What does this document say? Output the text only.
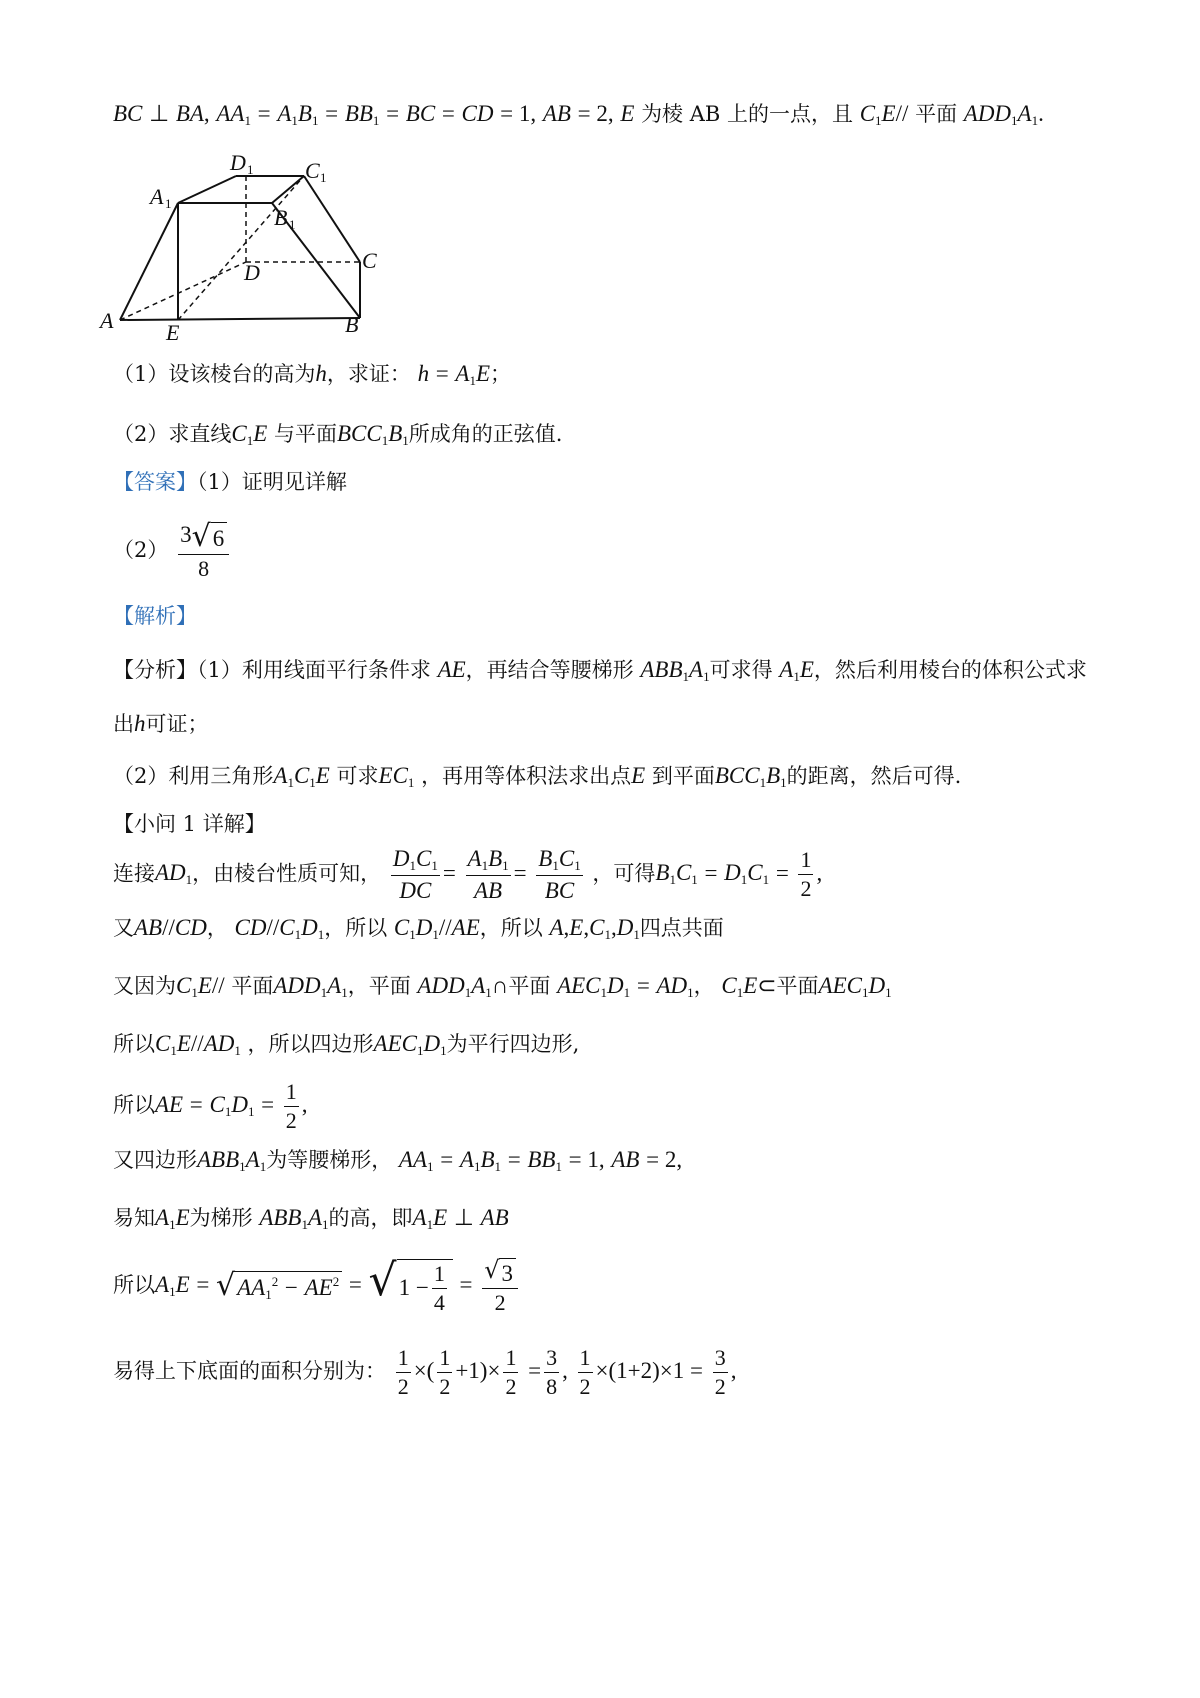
BC ⊥ BA, $AA_1 = A_1B_1 = BB_1$ = BC = CD = 1, AB = 2, E 为棱 AB 上的一点，且 $C_1E//$ 平面 $ADD_1A_1$.
A	B
C
D
E
A 1
B 1
C 1
D 1
（1）设该棱台的高为h，求证： $h = A_1E$；
（2）求直线$C_1E$ 与平面$BCC_1B_1$所成角的正弦值.
【答案】（1）证明见详解
$(2) \frac{3 √ 6}{8}$
【解析】
【分析】（1）利用线面平行条件求 AE，再结合等腰梯形 $ABB_1A_1$可求得 $A_1E$，然后利用棱台的体积公式求
出h可证；
（2）利用三角形$A_1C_1E$ 可求$EC_1$ ，再用等体积法求出点E 到平面$BCC_1B_1$的距离，然后可得.
【小问 1 详解】
连接$AD_1$，由棱台性质可知， $\frac{D_1C_1}{DC} = \frac{A_1B_1}{AB} = \frac{B_1C_1}{BC}$ ，可得$B_1C_1 = D_1C_1 = \frac{1}{2}$ ,
又AB//CD， $CD//C_1D_1$，所以 $C_1D_1//AE$，所以 $A,E,C_1,D_1$四点共面
又因为$C_1E//$ 平面$ADD_1A_1$，平面 $ADD_1A_1\cap$平面 $AEC_1D_1 = AD_1$， $C_1E\subset$平面$AEC_1D_1$
所以$C_1E//AD_1$ ，所以四边形$AEC_1D_1$为平行四边形,
所以AE = $C_1D_1 = \frac{1}{2}$ ,
又四边形$ABB_1A_1$为等腰梯形， $AA_1 = A_1B_1 = BB_1 = 1$, AB = 2,
易知$A_1E$为梯形 $ABB_1A_1$的高，即$A_1E$ ⊥ AB
所以$A_1E$ = √ $AA_1^2$
−
$AE^2$ = √ $1 - \frac{1}{4} = \frac{√ 3}{2}$
易得上下底面的面积分别为： $\frac{1}{2}$ ×( $\frac{1}{2} +1)\times \frac{1}{2} = \frac{3}{8}$ , $\frac{1}{2} \times(1+2)\times 1 = \frac{3}{2}$ ,
